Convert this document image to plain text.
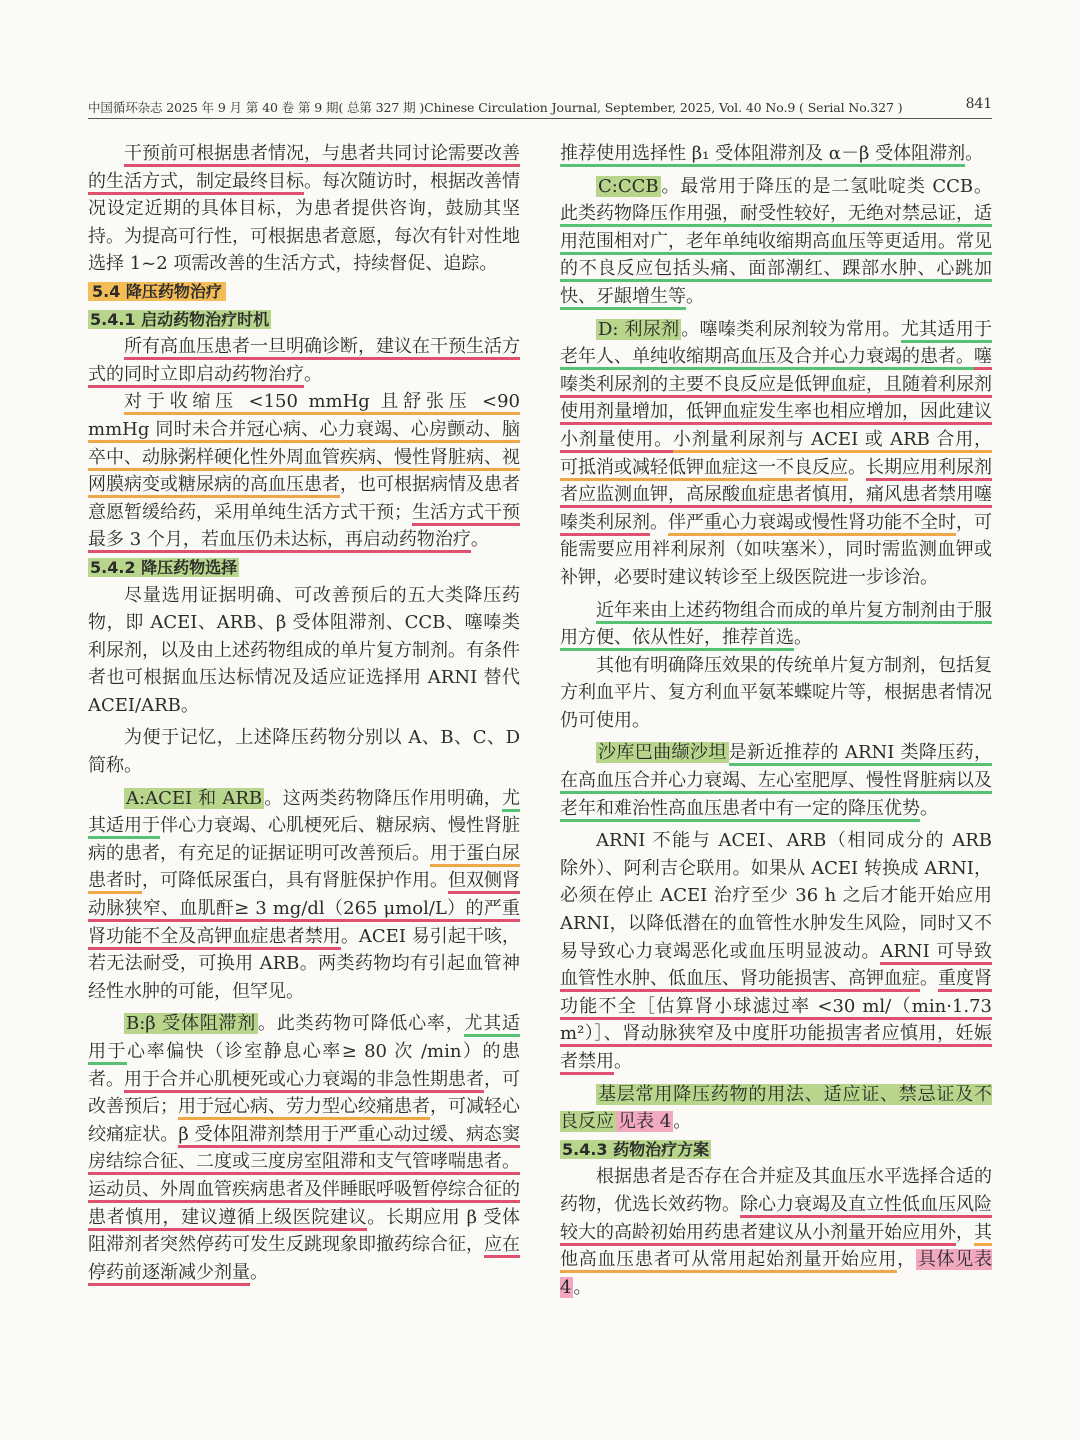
中国循环杂志 2025 年 9 月 第 40 卷 第 9 期( 总第 327 期 )Chinese Circulation Journal, September, 2025, Vol. 40 No.9 ( Serial No.327 )	841

干预前可根据患者情况，与患者共同讨论需要改善的生活方式，制定最终目标。每次随访时，根据改善情况设定近期的具体目标，为患者提供咨询，鼓励其坚持。为提高可行性，可根据患者意愿，每次有针对性地选择 1~2 项需改善的生活方式，持续督促、追踪。

5.4 降压药物治疗

5.4.1 启动药物治疗时机

所有高血压患者一旦明确诊断，建议在干预生活方式的同时立即启动药物治疗。

对于收缩压 <150 mmHg 且舒张压 <90 mmHg 同时未合并冠心病、心力衰竭、心房颤动、脑卒中、动脉粥样硬化性外周血管疾病、慢性肾脏病、视网膜病变或糖尿病的高血压患者，也可根据病情及患者意愿暂缓给药，采用单纯生活方式干预；生活方式干预最多 3 个月，若血压仍未达标，再启动药物治疗。

5.4.2 降压药物选择

尽量选用证据明确、可改善预后的五大类降压药物，即 ACEI、ARB、β 受体阻滞剂、CCB、噻嗪类利尿剂，以及由上述药物组成的单片复方制剂。有条件者也可根据血压达标情况及适应证选择用 ARNI 替代 ACEI/ARB。

为便于记忆，上述降压药物分别以 A、B、C、D 简称。

A:ACEI 和 ARB 。这两类药物降压作用明确，尤其适用于伴心力衰竭、心肌梗死后、糖尿病、慢性肾脏病的患者，有充足的证据证明可改善预后。用于蛋白尿患者时，可降低尿蛋白，具有肾脏保护作用。但双侧肾动脉狭窄、血肌酐≥ 3 mg/dl（265 μmol/L）的严重肾功能不全及高钾血症患者禁用。ACEI 易引起干咳，若无法耐受，可换用 ARB。两类药物均有引起血管神经性水肿的可能，但罕见。

B:β 受体阻滞剂 。此类药物可降低心率，尤其适用于心率偏快（诊室静息心率≥ 80 次 /min）的患者。用于合并心肌梗死或心力衰竭的非急性期患者，可改善预后；用于冠心病、劳力型心绞痛患者，可减轻心绞痛症状。β 受体阻滞剂禁用于严重心动过缓、病态窦房结综合征、二度或三度房室阻滞和支气管哮喘患者。运动员、外周血管疾病患者及伴睡眠呼吸暂停综合征的患者慎用，建议遵循上级医院建议。长期应用 β 受体阻滞剂者突然停药可发生反跳现象即撤药综合征，应在停药前逐渐减少剂量。

推荐使用选择性 β₁ 受体阻滞剂及 α－β 受体阻滞剂。

C:CCB 。最常用于降压的是二氢吡啶类 CCB。此类药物降压作用强，耐受性较好，无绝对禁忌证，适用范围相对广，老年单纯收缩期高血压等更适用。常见的不良反应包括头痛、面部潮红、踝部水肿、心跳加快、牙龈增生等。

D: 利尿剂 。噻嗪类利尿剂较为常用。尤其适用于老年人、单纯收缩期高血压及合并心力衰竭的患者。噻嗪类利尿剂的主要不良反应是低钾血症，且随着利尿剂使用剂量增加，低钾血症发生率也相应增加，因此建议小剂量使用。小剂量利尿剂与 ACEI 或 ARB 合用，可抵消或减轻低钾血症这一不良反应。长期应用利尿剂者应监测血钾，高尿酸血症患者慎用，痛风患者禁用噻嗪类利尿剂。伴严重心力衰竭或慢性肾功能不全时，可能需要应用袢利尿剂（如呋塞米），同时需监测血钾或补钾，必要时建议转诊至上级医院进一步诊治。

近年来由上述药物组合而成的单片复方制剂由于服用方便、依从性好，推荐首选。

其他有明确降压效果的传统单片复方制剂，包括复方利血平片、复方利血平氨苯蝶啶片等，根据患者情况仍可使用。

沙库巴曲缬沙坦 是新近推荐的 ARNI 类降压药，在高血压合并心力衰竭、左心室肥厚、慢性肾脏病以及老年和难治性高血压患者中有一定的降压优势。

ARNI 不能与 ACEI、ARB（相同成分的 ARB 除外）、阿利吉仑联用。如果从 ACEI 转换成 ARNI，必须在停止 ACEI 治疗至少 36 h 之后才能开始应用 ARNI，以降低潜在的血管性水肿发生风险，同时又不易导致心力衰竭恶化或血压明显波动。ARNI 可导致血管性水肿、低血压、肾功能损害、高钾血症。重度肾功能不全［估算肾小球滤过率 <30 ml/（min·1.73 m²）］、肾动脉狭窄及中度肝功能损害者应慎用，妊娠者禁用。

基层常用降压药物的用法、适应证、禁忌证及不良反应 见表 4 。

5.4.3 药物治疗方案

根据患者是否存在合并症及其血压水平选择合适的药物，优选长效药物。除心力衰竭及直立性低血压风险较大的高龄初始用药患者建议从小剂量开始应用外，其他高血压患者可从常用起始剂量开始应用， 具体见表 4 。
